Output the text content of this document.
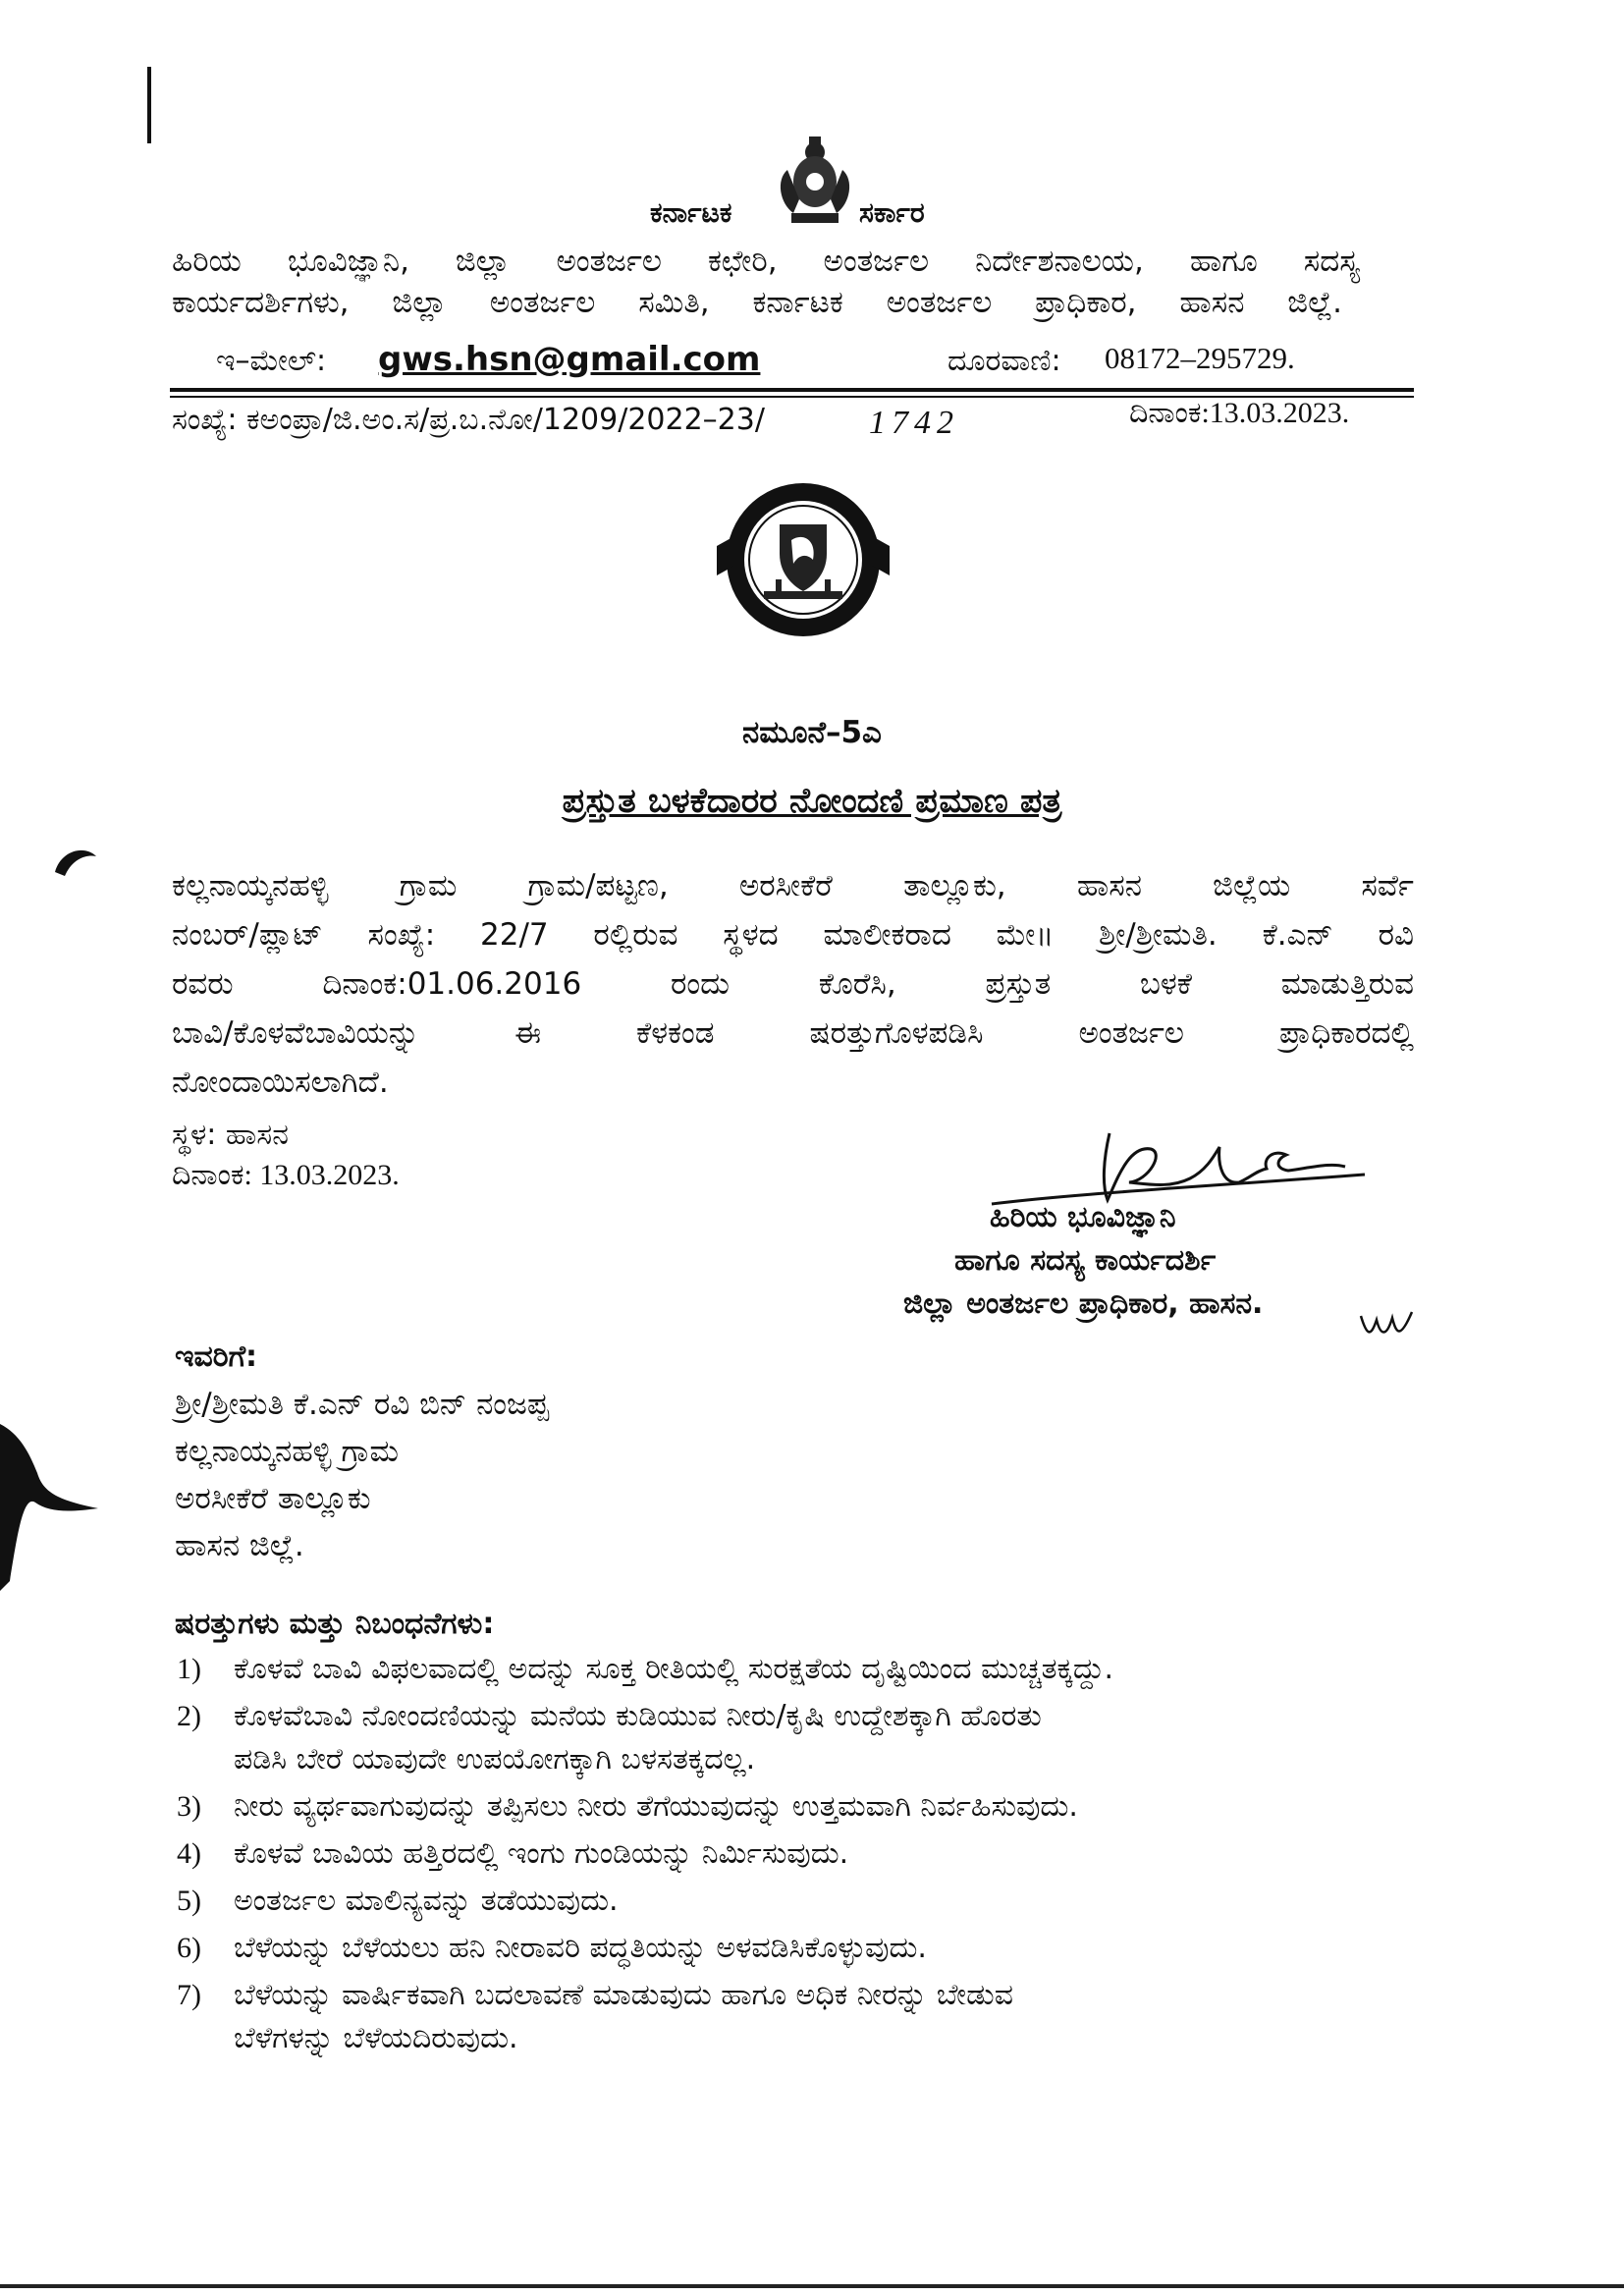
ಕರ್ನಾಟಕ	ಸರ್ಕಾರ
ಹಿರಿಯ ಭೂವಿಜ್ಞಾನಿ, ಜಿಲ್ಲಾ ಅಂತರ್ಜಲ ಕಛೇರಿ, ಅಂತರ್ಜಲ ನಿರ್ದೇಶನಾಲಯ, ಹಾಗೂ ಸದಸ್ಯ
ಕಾರ್ಯದರ್ಶಿಗಳು, ಜಿಲ್ಲಾ ಅಂತರ್ಜಲ ಸಮಿತಿ, ಕರ್ನಾಟಕ ಅಂತರ್ಜಲ ಪ್ರಾಧಿಕಾರ, ಹಾಸನ ಜಿಲ್ಲೆ.
ಇ–ಮೇಲ್: gws.hsn@gmail.com	ದೂರವಾಣಿ: 08172–295729.
ಸಂಖ್ಯೆ: ಕಅಂಪ್ರಾ/ಜಿ.ಅಂ.ಸ/ಪ್ರ.ಬ.ನೋ/1209/2022–23/	1742	ದಿನಾಂಕ:13.03.2023.
ನಮೂನೆ–5ಎ
ಪ್ರಸ್ತುತ ಬಳಕೆದಾರರ ನೋಂದಣಿ ಪ್ರಮಾಣ ಪತ್ರ
ಕಲ್ಲನಾಯ್ಕನಹಳ್ಳಿ ಗ್ರಾಮ ಗ್ರಾಮ/ಪಟ್ಟಣ, ಅರಸೀಕೆರೆ ತಾಲ್ಲೂಕು, ಹಾಸನ ಜಿಲ್ಲೆಯ ಸರ್ವೆ
ನಂಬರ್/ಪ್ಲಾಟ್ ಸಂಖ್ಯೆ: 22/7 ರಲ್ಲಿರುವ ಸ್ಥಳದ ಮಾಲೀಕರಾದ ಮೇ॥ ಶ್ರೀ/ಶ್ರೀಮತಿ. ಕೆ.ಎನ್ ರವಿ
ರವರು ದಿನಾಂಕ:01.06.2016 ರಂದು ಕೊರೆಸಿ, ಪ್ರಸ್ತುತ ಬಳಕೆ ಮಾಡುತ್ತಿರುವ
ಬಾವಿ/ಕೊಳವೆಬಾವಿಯನ್ನು ಈ ಕೆಳಕಂಡ ಷರತ್ತುಗೊಳಪಡಿಸಿ ಅಂತರ್ಜಲ ಪ್ರಾಧಿಕಾರದಲ್ಲಿ
ನೋಂದಾಯಿಸಲಾಗಿದೆ.
ಸ್ಥಳ: ಹಾಸನ
ದಿನಾಂಕ: 13.03.2023.
ಹಿರಿಯ ಭೂವಿಜ್ಞಾನಿ
ಹಾಗೂ ಸದಸ್ಯ ಕಾರ್ಯದರ್ಶಿ
ಜಿಲ್ಲಾ ಅಂತರ್ಜಲ ಪ್ರಾಧಿಕಾರ, ಹಾಸನ.
ಇವರಿಗೆ:
ಶ್ರೀ/ಶ್ರೀಮತಿ ಕೆ.ಎನ್ ರವಿ ಬಿನ್ ನಂಜಪ್ಪ
ಕಲ್ಲನಾಯ್ಕನಹಳ್ಳಿ ಗ್ರಾಮ
ಅರಸೀಕೆರೆ ತಾಲ್ಲೂಕು
ಹಾಸನ ಜಿಲ್ಲೆ.
ಷರತ್ತುಗಳು ಮತ್ತು ನಿಬಂಧನೆಗಳು:
1) ಕೊಳವೆ ಬಾವಿ ವಿಫಲವಾದಲ್ಲಿ ಅದನ್ನು ಸೂಕ್ತ ರೀತಿಯಲ್ಲಿ ಸುರಕ್ಷತೆಯ ದೃಷ್ಟಿಯಿಂದ ಮುಚ್ಚತಕ್ಕದ್ದು.
2) ಕೊಳವೆಬಾವಿ ನೋಂದಣಿಯನ್ನು ಮನೆಯ ಕುಡಿಯುವ ನೀರು/ಕೃಷಿ ಉದ್ದೇಶಕ್ಕಾಗಿ ಹೊರತು
ಪಡಿಸಿ ಬೇರೆ ಯಾವುದೇ ಉಪಯೋಗಕ್ಕಾಗಿ ಬಳಸತಕ್ಕದಲ್ಲ.
3) ನೀರು ವ್ಯರ್ಥವಾಗುವುದನ್ನು ತಪ್ಪಿಸಲು ನೀರು ತೆಗೆಯುವುದನ್ನು ಉತ್ತಮವಾಗಿ ನಿರ್ವಹಿಸುವುದು.
4) ಕೊಳವೆ ಬಾವಿಯ ಹತ್ತಿರದಲ್ಲಿ ಇಂಗು ಗುಂಡಿಯನ್ನು ನಿರ್ಮಿಸುವುದು.
5) ಅಂತರ್ಜಲ ಮಾಲಿನ್ಯವನ್ನು ತಡೆಯುವುದು.
6) ಬೆಳೆಯನ್ನು ಬೆಳೆಯಲು ಹನಿ ನೀರಾವರಿ ಪದ್ಧತಿಯನ್ನು ಅಳವಡಿಸಿಕೊಳ್ಳುವುದು.
7) ಬೆಳೆಯನ್ನು ವಾರ್ಷಿಕವಾಗಿ ಬದಲಾವಣೆ ಮಾಡುವುದು ಹಾಗೂ ಅಧಿಕ ನೀರನ್ನು ಬೇಡುವ
ಬೆಳೆಗಳನ್ನು ಬೆಳೆಯದಿರುವುದು.
